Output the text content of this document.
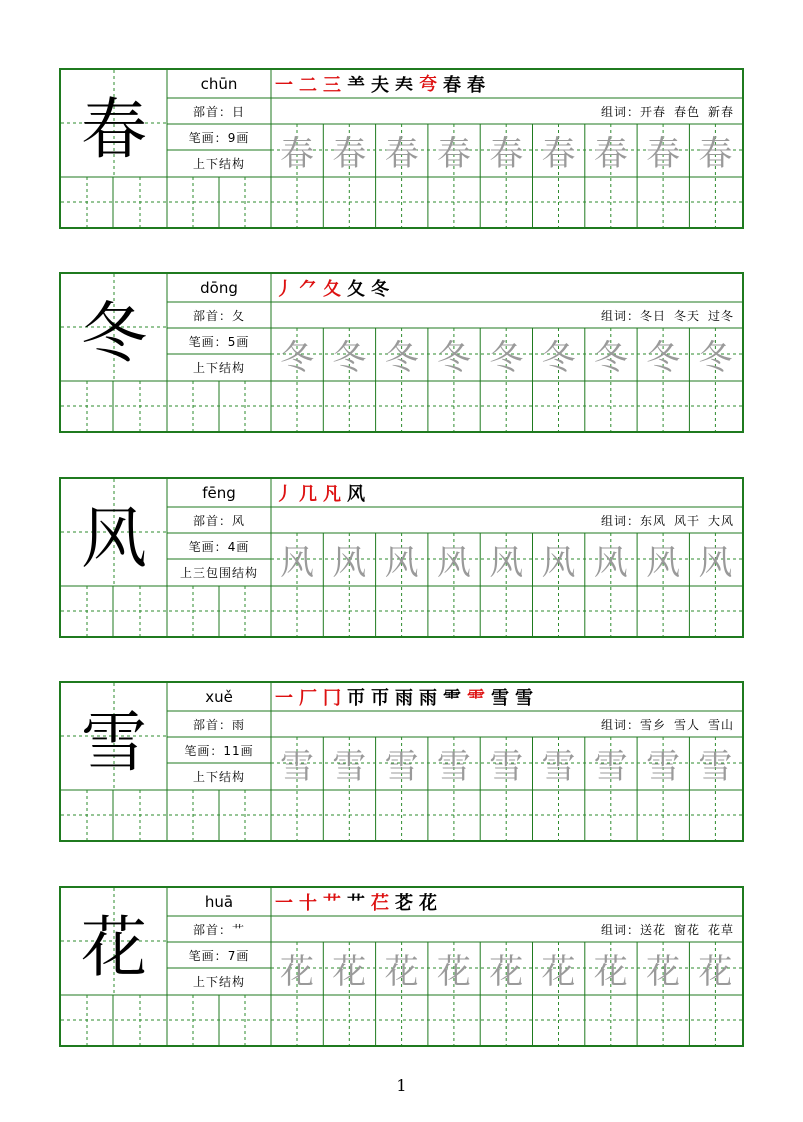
春
chūn
部首： 日
笔画： 9画
上下结构
一 二 三 ⺷ 夫 𡗗 𡗝 春 春
组词： 开春 春色 新春
春 春 春 春 春 春 春 春 春
冬
dōng
部首： 夂
笔画： 5画
上下结构
丿 ⺈ 夂 夂 冬
组词： 冬日 冬天 过冬
冬 冬 冬 冬 冬 冬 冬 冬 冬
风
fēng
部首： 风
笔画： 4画
上三包围结构
丿 几 凡 风
组词： 东风 风干 大风
风 风 风 风 风 风 风 风 风
雪
xuě
部首： 雨
笔画： 11画
上下结构
一 厂 冂 帀 帀 雨 雨 ⻗ ⻗ 雪 雪
组词： 雪乡 雪人 雪山
雪 雪 雪 雪 雪 雪 雪 雪 雪
花
huā
部首： 艹
笔画： 7画
上下结构
一 十 艹 艹 芢 芲 花
组词： 送花 窗花 花草
花 花 花 花 花 花 花 花 花
1
